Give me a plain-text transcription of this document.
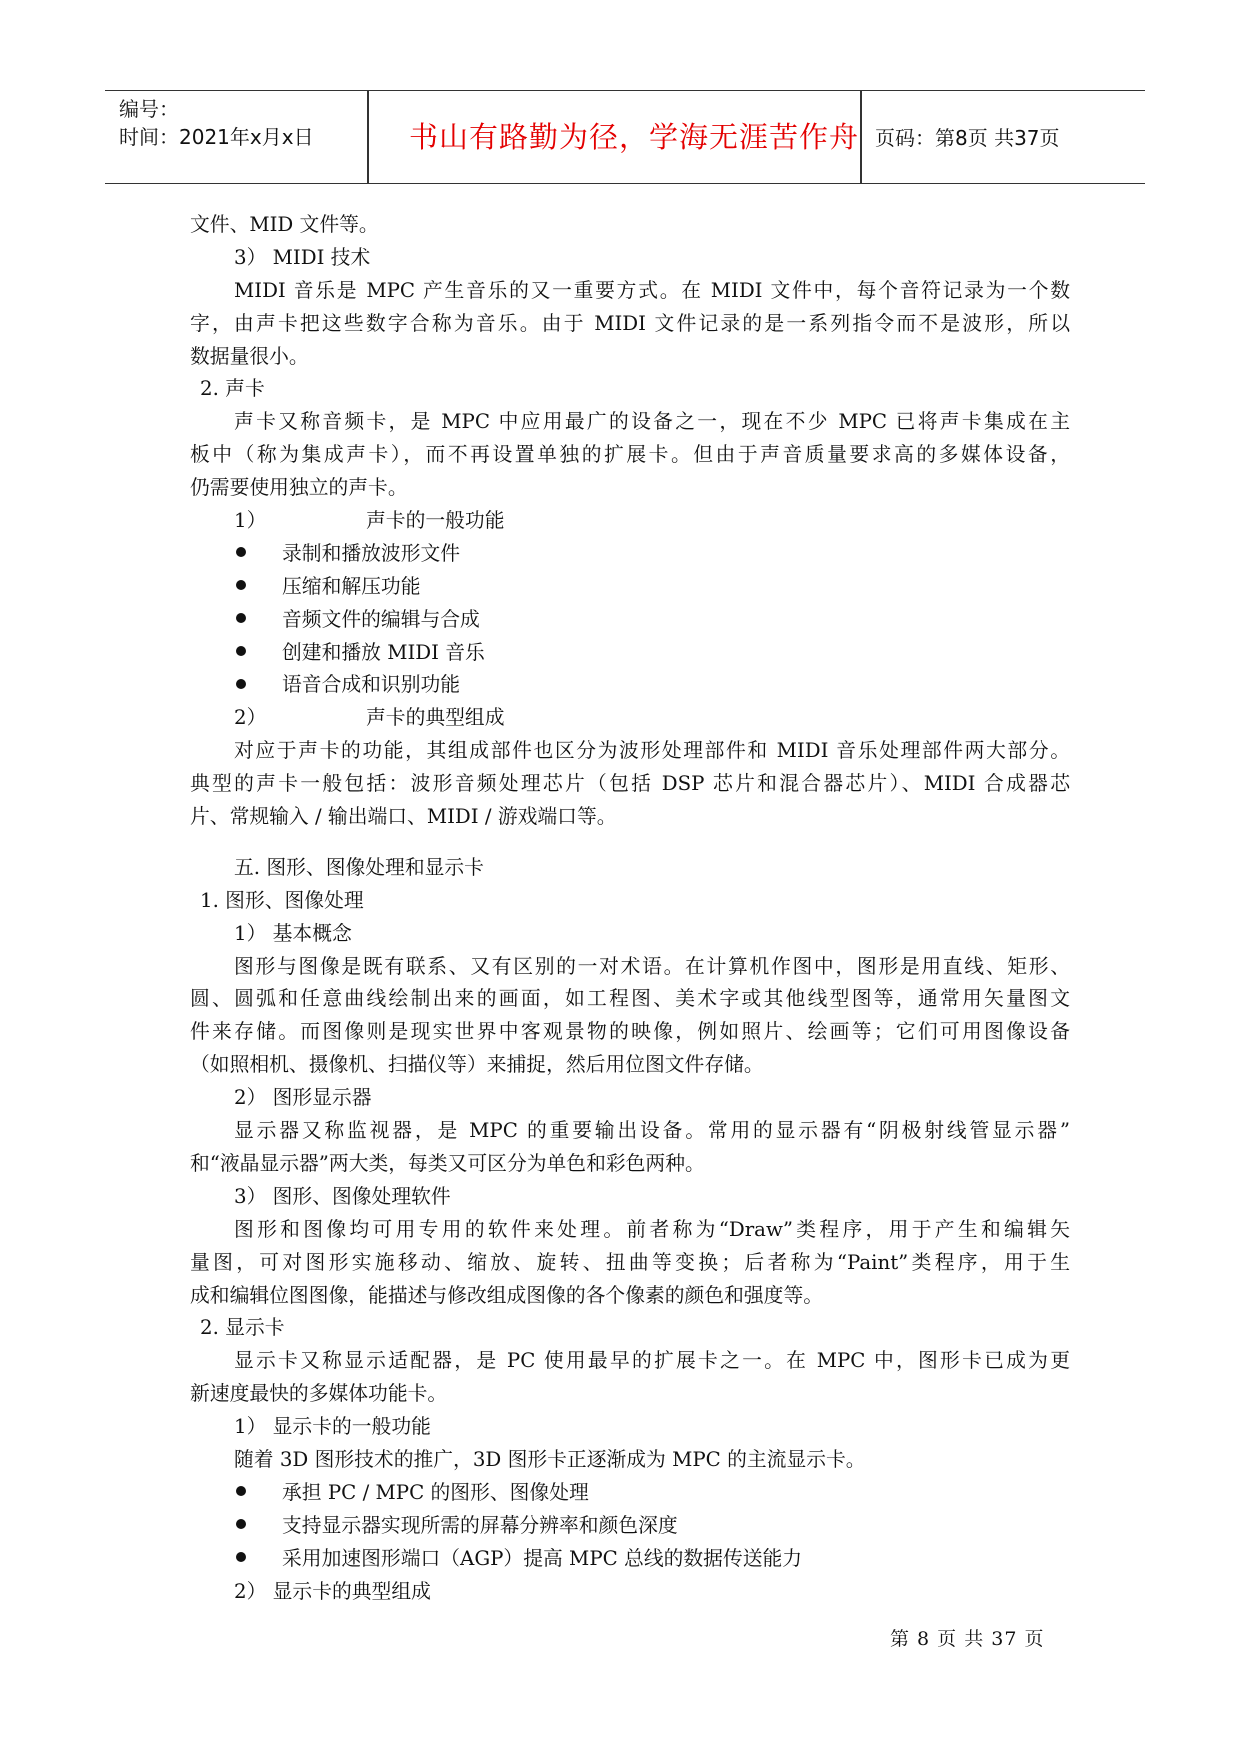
编号：
时间：2021年x月x日	书山有路勤为径，学海无涯苦作舟 页码：第8页 共37页
文件、MID 文件等。
3） MIDI 技术
MIDI 音乐是 MPC 产生音乐的又一重要方式。在 MIDI 文件中，每个音符记录为一个数
字，由声卡把这些数字合称为音乐。由于 MIDI 文件记录的是一系列指令而不是波形，所以
数据量很小。
2. 声卡
声卡又称音频卡，是 MPC 中应用最广的设备之一，现在不少 MPC 已将声卡集成在主
板中（称为集成声卡），而不再设置单独的扩展卡。但由于声音质量要求高的多媒体设备，
仍需要使用独立的声卡。
1）	声卡的一般功能
录制和播放波形文件
压缩和解压功能
音频文件的编辑与合成
创建和播放 MIDI 音乐
语音合成和识别功能
2）	声卡的典型组成
对应于声卡的功能，其组成部件也区分为波形处理部件和 MIDI 音乐处理部件两大部分。
典型的声卡一般包括：波形音频处理芯片（包括 DSP 芯片和混合器芯片）、MIDI 合成器芯
片、常规输入 / 输出端口、MIDI / 游戏端口等。
五. 图形、图像处理和显示卡
1. 图形、图像处理
1） 基本概念
图形与图像是既有联系、又有区别的一对术语。在计算机作图中，图形是用直线、矩形、
圆、圆弧和任意曲线绘制出来的画面，如工程图、美术字或其他线型图等，通常用矢量图文
件来存储。而图像则是现实世界中客观景物的映像，例如照片、绘画等；它们可用图像设备
（如照相机、摄像机、扫描仪等）来捕捉，然后用位图文件存储。
2） 图形显示器
显示器又称监视器，是 MPC 的重要输出设备。常用的显示器有“阴极射线管显示器”
和“液晶显示器”两大类，每类又可区分为单色和彩色两种。
3） 图形、图像处理软件
图形和图像均可用专用的软件来处理。前者称为“Draw”类程序，用于产生和编辑矢
量图，可对图形实施移动、缩放、旋转、扭曲等变换；后者称为“Paint”类程序，用于生
成和编辑位图图像，能描述与修改组成图像的各个像素的颜色和强度等。
2. 显示卡
显示卡又称显示适配器，是 PC 使用最早的扩展卡之一。在 MPC 中，图形卡已成为更
新速度最快的多媒体功能卡。
1） 显示卡的一般功能
随着 3D 图形技术的推广，3D 图形卡正逐渐成为 MPC 的主流显示卡。
承担 PC / MPC 的图形、图像处理
支持显示器实现所需的屏幕分辨率和颜色深度
采用加速图形端口（AGP）提高 MPC 总线的数据传送能力
2） 显示卡的典型组成
第 8 页 共 37 页
